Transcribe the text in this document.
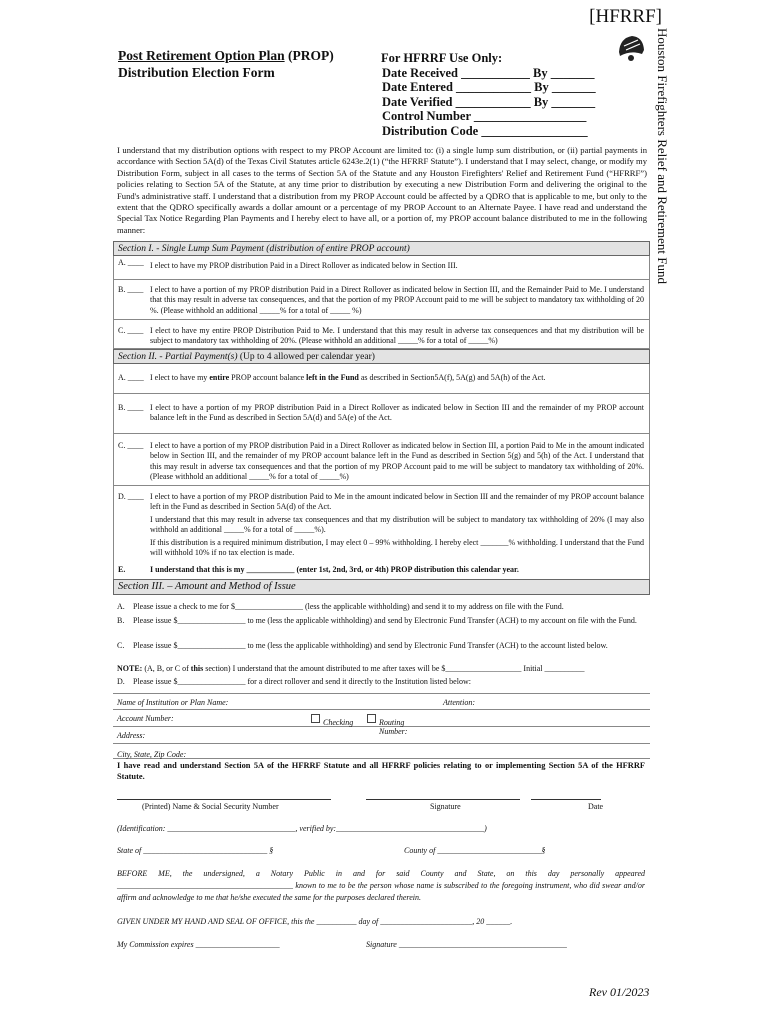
[HFRRF]
Houston Firefighters Relief and Retirement Fund
Post Retirement Option Plan (PROP)
Distribution Election Form
For HFRRF Use Only:
Date Received ___________ By _______
Date Entered ____________ By _______
Date Verified ____________ By _______
Control Number __________________
Distribution Code _________________
I understand that my distribution options with respect to my PROP Account are limited to: (i) a single lump sum distribution, or (ii) partial payments in accordance with Section 5A(d) of the Texas Civil Statutes article 6243e.2(1) (“the HFRRF Statute”). I understand that I may select, change, or modify my Distribution Form, subject in all cases to the terms of Section 5A of the Statute and any Houston Firefighters' Relief and Retirement Fund (“HFRRF”) policies relating to Section 5A of the Statute, at any time prior to distribution by executing a new Distribution Form and delivering the original to the Fund's administrative staff. I understand that a distribution from my PROP Account could be affected by a QDRO that is applicable to me, but only to the extent that the QDRO specifically awards a dollar amount or a percentage of my PROP Account to an Alternate Payee. I have read and understand the Special Tax Notice Regarding Plan Payments and I hereby elect to have all, or a portion of, my PROP account balance distributed to me in the following manner:
Section I. - Single Lump Sum Payment (distribution of entire PROP account)
A. ____ I elect to have my PROP distribution Paid in a Direct Rollover as indicated below in Section III.
B. ____ I elect to have a portion of my PROP distribution Paid in a Direct Rollover as indicated below in Section III, and the Remainder Paid to Me. I understand that this may result in adverse tax consequences, and that the portion of my PROP Account paid to me will be subject to mandatory tax withholding of 20 %. (Please withhold an additional _____% for a total of _____ %)
C. ____ I elect to have my entire PROP Distribution Paid to Me. I understand that this may result in adverse tax consequences and that my distribution will be subject to mandatory tax withholding of 20%. (Please withhold an additional _____% for a total of _____%)
Section II. - Partial Payment(s) (Up to 4 allowed per calendar year)
A. ____ I elect to have my entire PROP account balance left in the Fund as described in Section5A(f), 5A(g) and 5A(h) of the Act.
B. ____ I elect to have a portion of my PROP distribution Paid in a Direct Rollover as indicated below in Section III and the remainder of my PROP account balance left in the Fund as described in Section 5A(d) and 5A(e) of the Act.
C. ____ I elect to have a portion of my PROP distribution Paid in a Direct Rollover as indicated below in Section III, a portion Paid to Me in the amount indicated below in Section III, and the remainder of my PROP account balance left in the Fund as described in Section 5(g) and 5(h) of the Act. I understand that this may result in adverse tax consequences and that the portion of my PROP Account paid to me will be subject to mandatory tax withholding of 20%. (Please withhold an additional _____% for a total of _____%)
D. ____ I elect to have a portion of my PROP distribution Paid to Me in the amount indicated below in Section III and the remainder of my PROP account balance left in the Fund as described in Section 5A(d) of the Act.

I understand that this may result in adverse tax consequences and that my distribution will be subject to mandatory tax withholding of 20% (I may also withhold an additional _____% for a total of _____%).

If this distribution is a required minimum distribution, I may elect 0 – 99% withholding. I hereby elect _______% withholding. I understand that the Fund will withhold 10% if no tax election is made.

E.	I understand that this is my ____________ (enter 1st, 2nd, 3rd, or 4th) PROP distribution this calendar year.
Section III. – Amount and Method of Issue
A. Please issue a check to me for $_________________ (less the applicable withholding) and send it to my address on file with the Fund.
B. Please issue $_________________ to me (less the applicable withholding) and send by Electronic Fund Transfer (ACH) to my account on file with the Fund.
C. Please issue $_________________ to me (less the applicable withholding) and send by Electronic Fund Transfer (ACH) to the account listed below.
NOTE: (A, B, or C of this section) I understand that the amount distributed to me after taxes will be $___________________ Initial __________
D. Please issue $_________________ for a direct rollover and send it directly to the Institution listed below:
Name of Institution or Plan Name:	Attention:
Account Number:	Checking	Routing Number:
Address:
City, State, Zip Code:
I have read and understand Section 5A of the HFRRF Statute and all HFRRF policies relating to or implementing Section 5A of the HFRRF Statute.
(Printed) Name & Social Security Number	Signature	Date
(Identification: ________________________________, verified by:_____________________________________)
State of _______________________________ §	County of __________________________§
BEFORE ME, the undersigned, a Notary Public in and for said County and State, on this day personally appeared ____________________________________________ known to me to be the person whose name is subscribed to the foregoing instrument, who did swear and/or affirm and acknowledge to me that he/she executed the same for the purposes declared therein.
GIVEN UNDER MY HAND AND SEAL OF OFFICE, this the __________ day of _______________________, 20 ______.
My Commission expires _____________________	Signature __________________________________________
Rev 01/2023
